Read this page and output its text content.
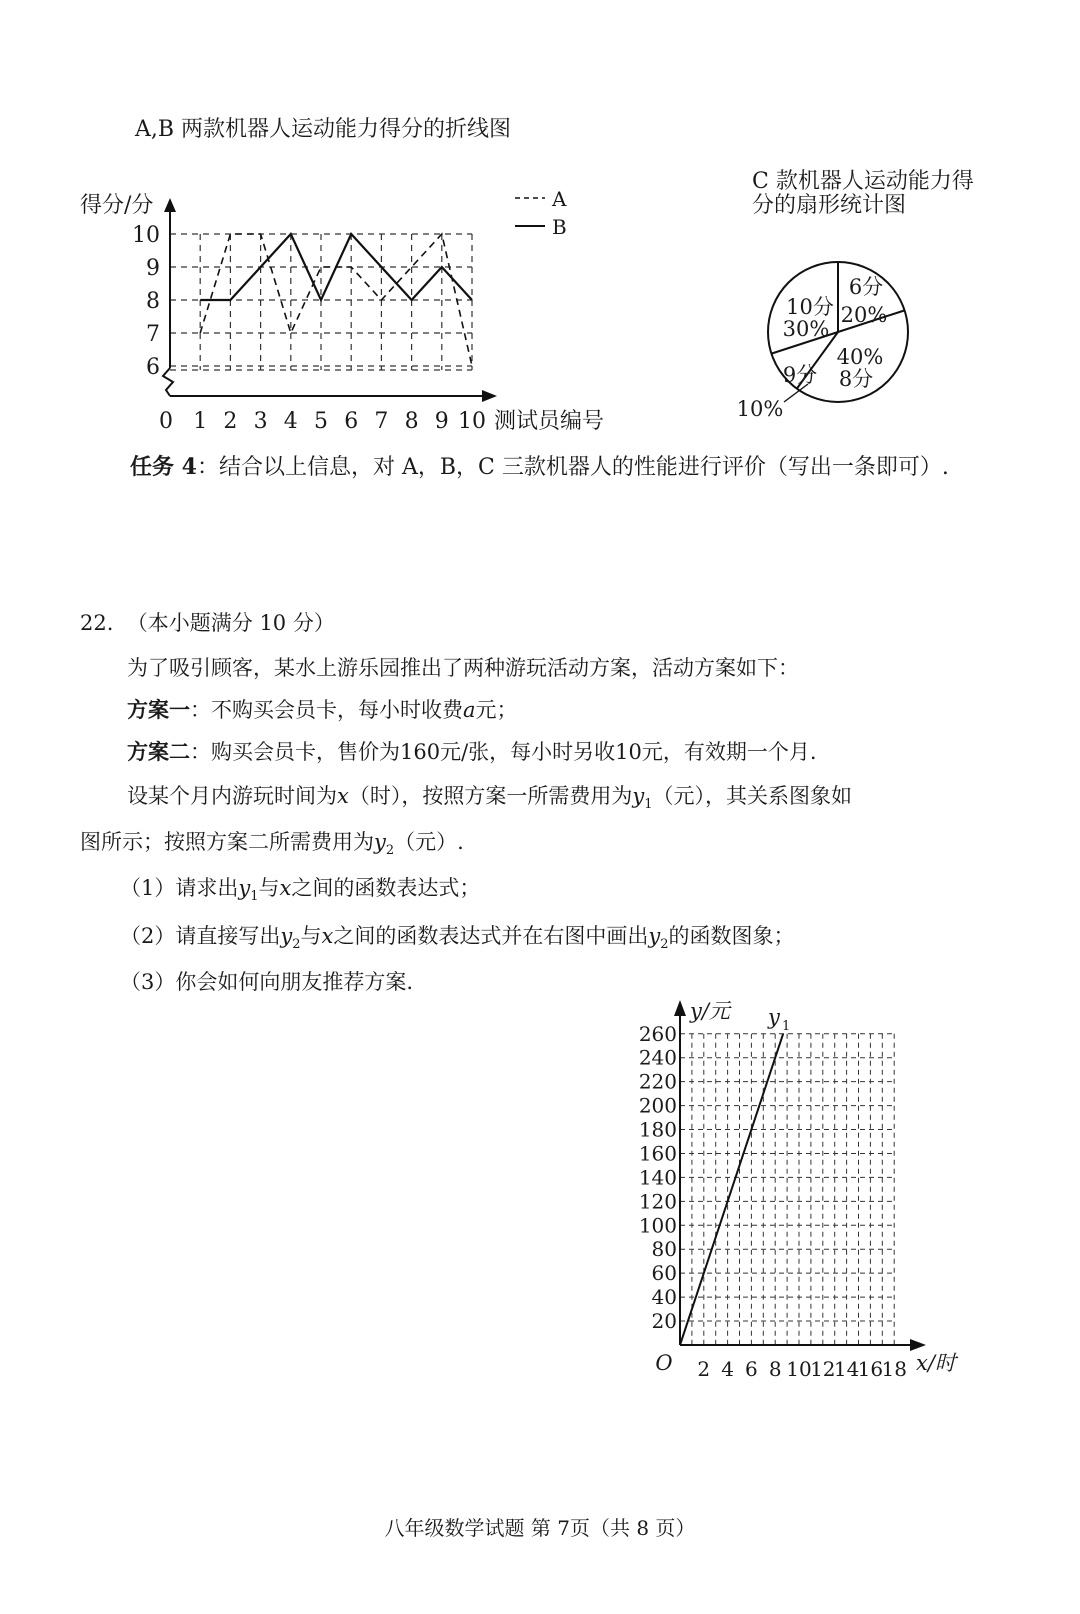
A,B 两款机器人运动能力得分的折线图
得分/分
6
7
8
9
10
0 1 2 3 4 5 6 7 8 9 10 测试员编号
A
B
C 款机器人运动能力得分的扇形统计图
6分
20%
40%
8分
9分
10%
10分
30%
任务 4：结合以上信息，对 A，B，C 三款机器人的性能进行评价（写出一条即可）.
22. （本小题满分 10 分）
为了吸引顾客，某水上游乐园推出了两种游玩活动方案，活动方案如下：
方案一：不购买会员卡，每小时收费a元；
方案二：购买会员卡，售价为160元/张，每小时另收10元，有效期一个月.
设某个月内游玩时间为x（时），按照方案一所需费用为$y_1$（元），其关系图象如
图所示；按照方案二所需费用为$y_2$（元）.
（1）请求出$y_1$与x之间的函数表达式；
（2）请直接写出$y_2$与x之间的函数表达式并在右图中画出$y_2$的函数图象；
（3）你会如何向朋友推荐方案.
y/元
x/时
O
20
40
60
80
100
120
140
160
180
200
220
240
260
2 4 6 8 10
12
14
16
18
y 1
八年级数学试题 第 7页（共 8 页）
